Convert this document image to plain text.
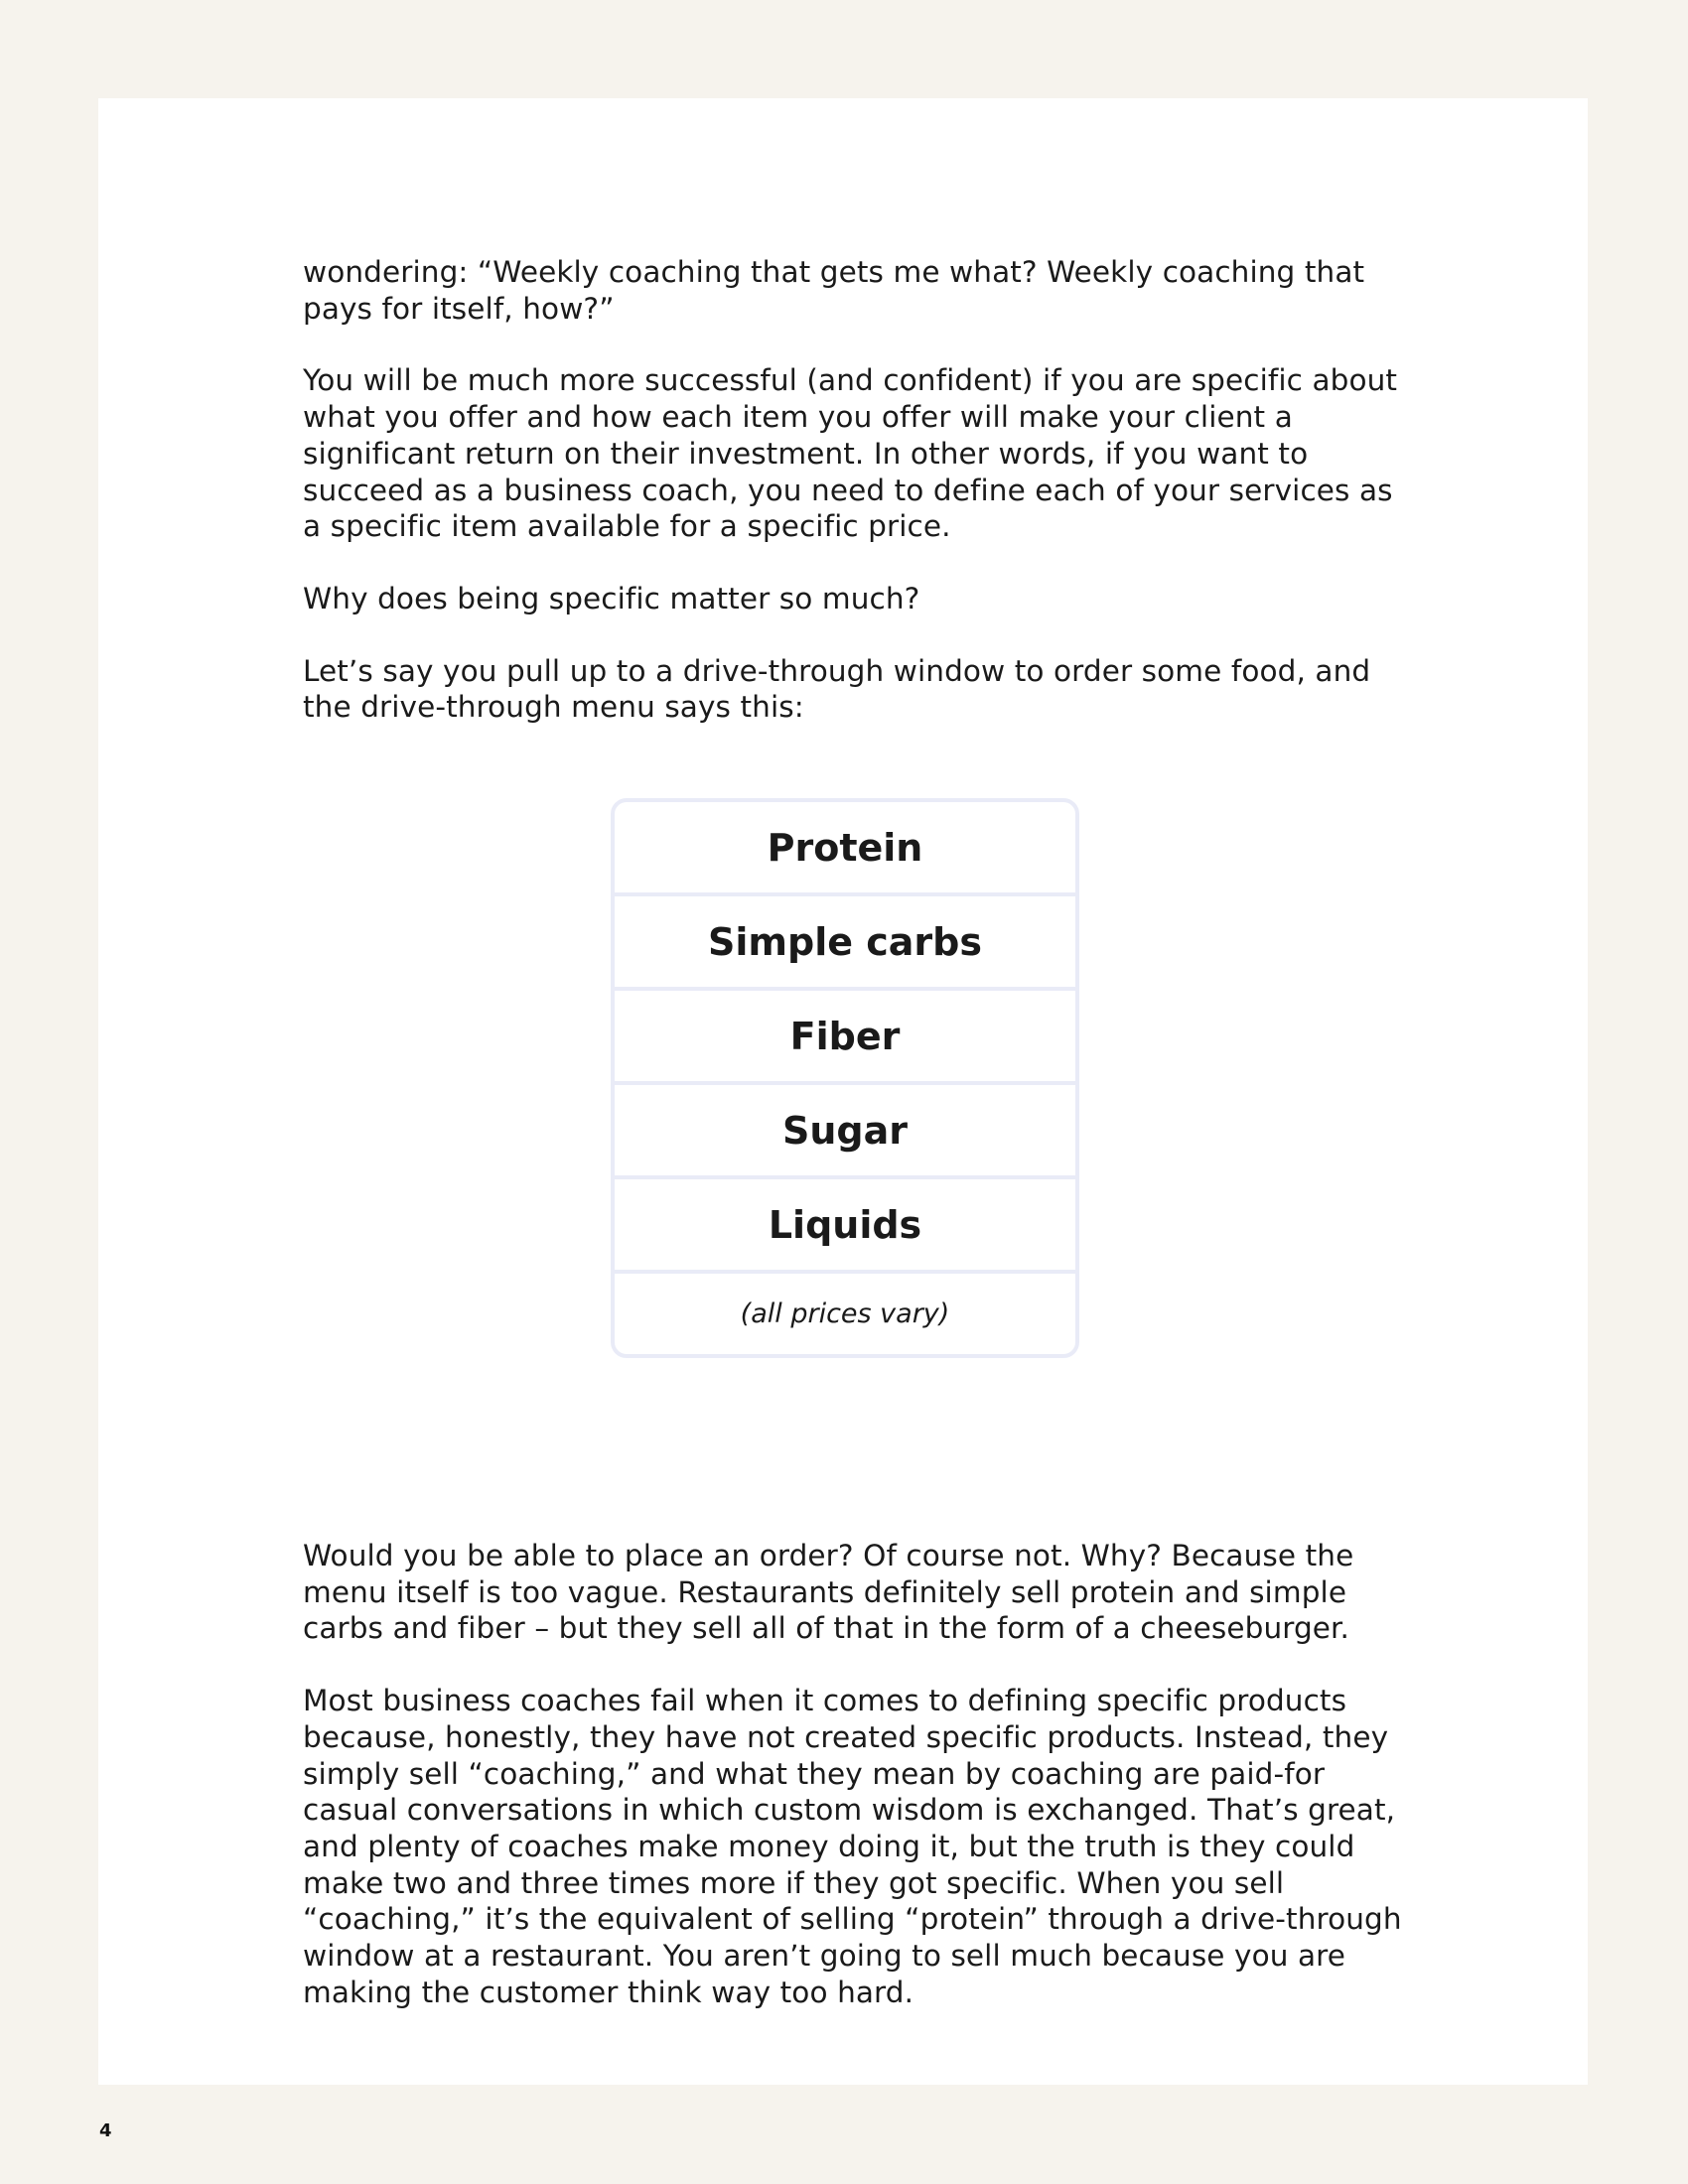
wondering: “Weekly coaching that gets me what? Weekly coaching that pays for itself, how?”

You will be much more successful (and confident) if you are specific about what you offer and how each item you offer will make your client a significant return on their investment. In other words, if you want to succeed as a business coach, you need to define each of your services as a specific item available for a specific price.

Why does being specific matter so much?

Let’s say you pull up to a drive-through window to order some food, and the drive-through menu says this:

Protein
Simple carbs
Fiber
Sugar
Liquids
(all prices vary)

Would you be able to place an order? Of course not. Why? Because the menu itself is too vague. Restaurants definitely sell protein and simple carbs and fiber – but they sell all of that in the form of a cheeseburger.

Most business coaches fail when it comes to defining specific products because, honestly, they have not created specific products. Instead, they simply sell “coaching,” and what they mean by coaching are paid-for casual conversations in which custom wisdom is exchanged. That’s great, and plenty of coaches make money doing it, but the truth is they could make two and three times more if they got specific. When you sell “coaching,” it’s the equivalent of selling “protein” through a drive-through window at a restaurant. You aren’t going to sell much because you are making the customer think way too hard.

4
